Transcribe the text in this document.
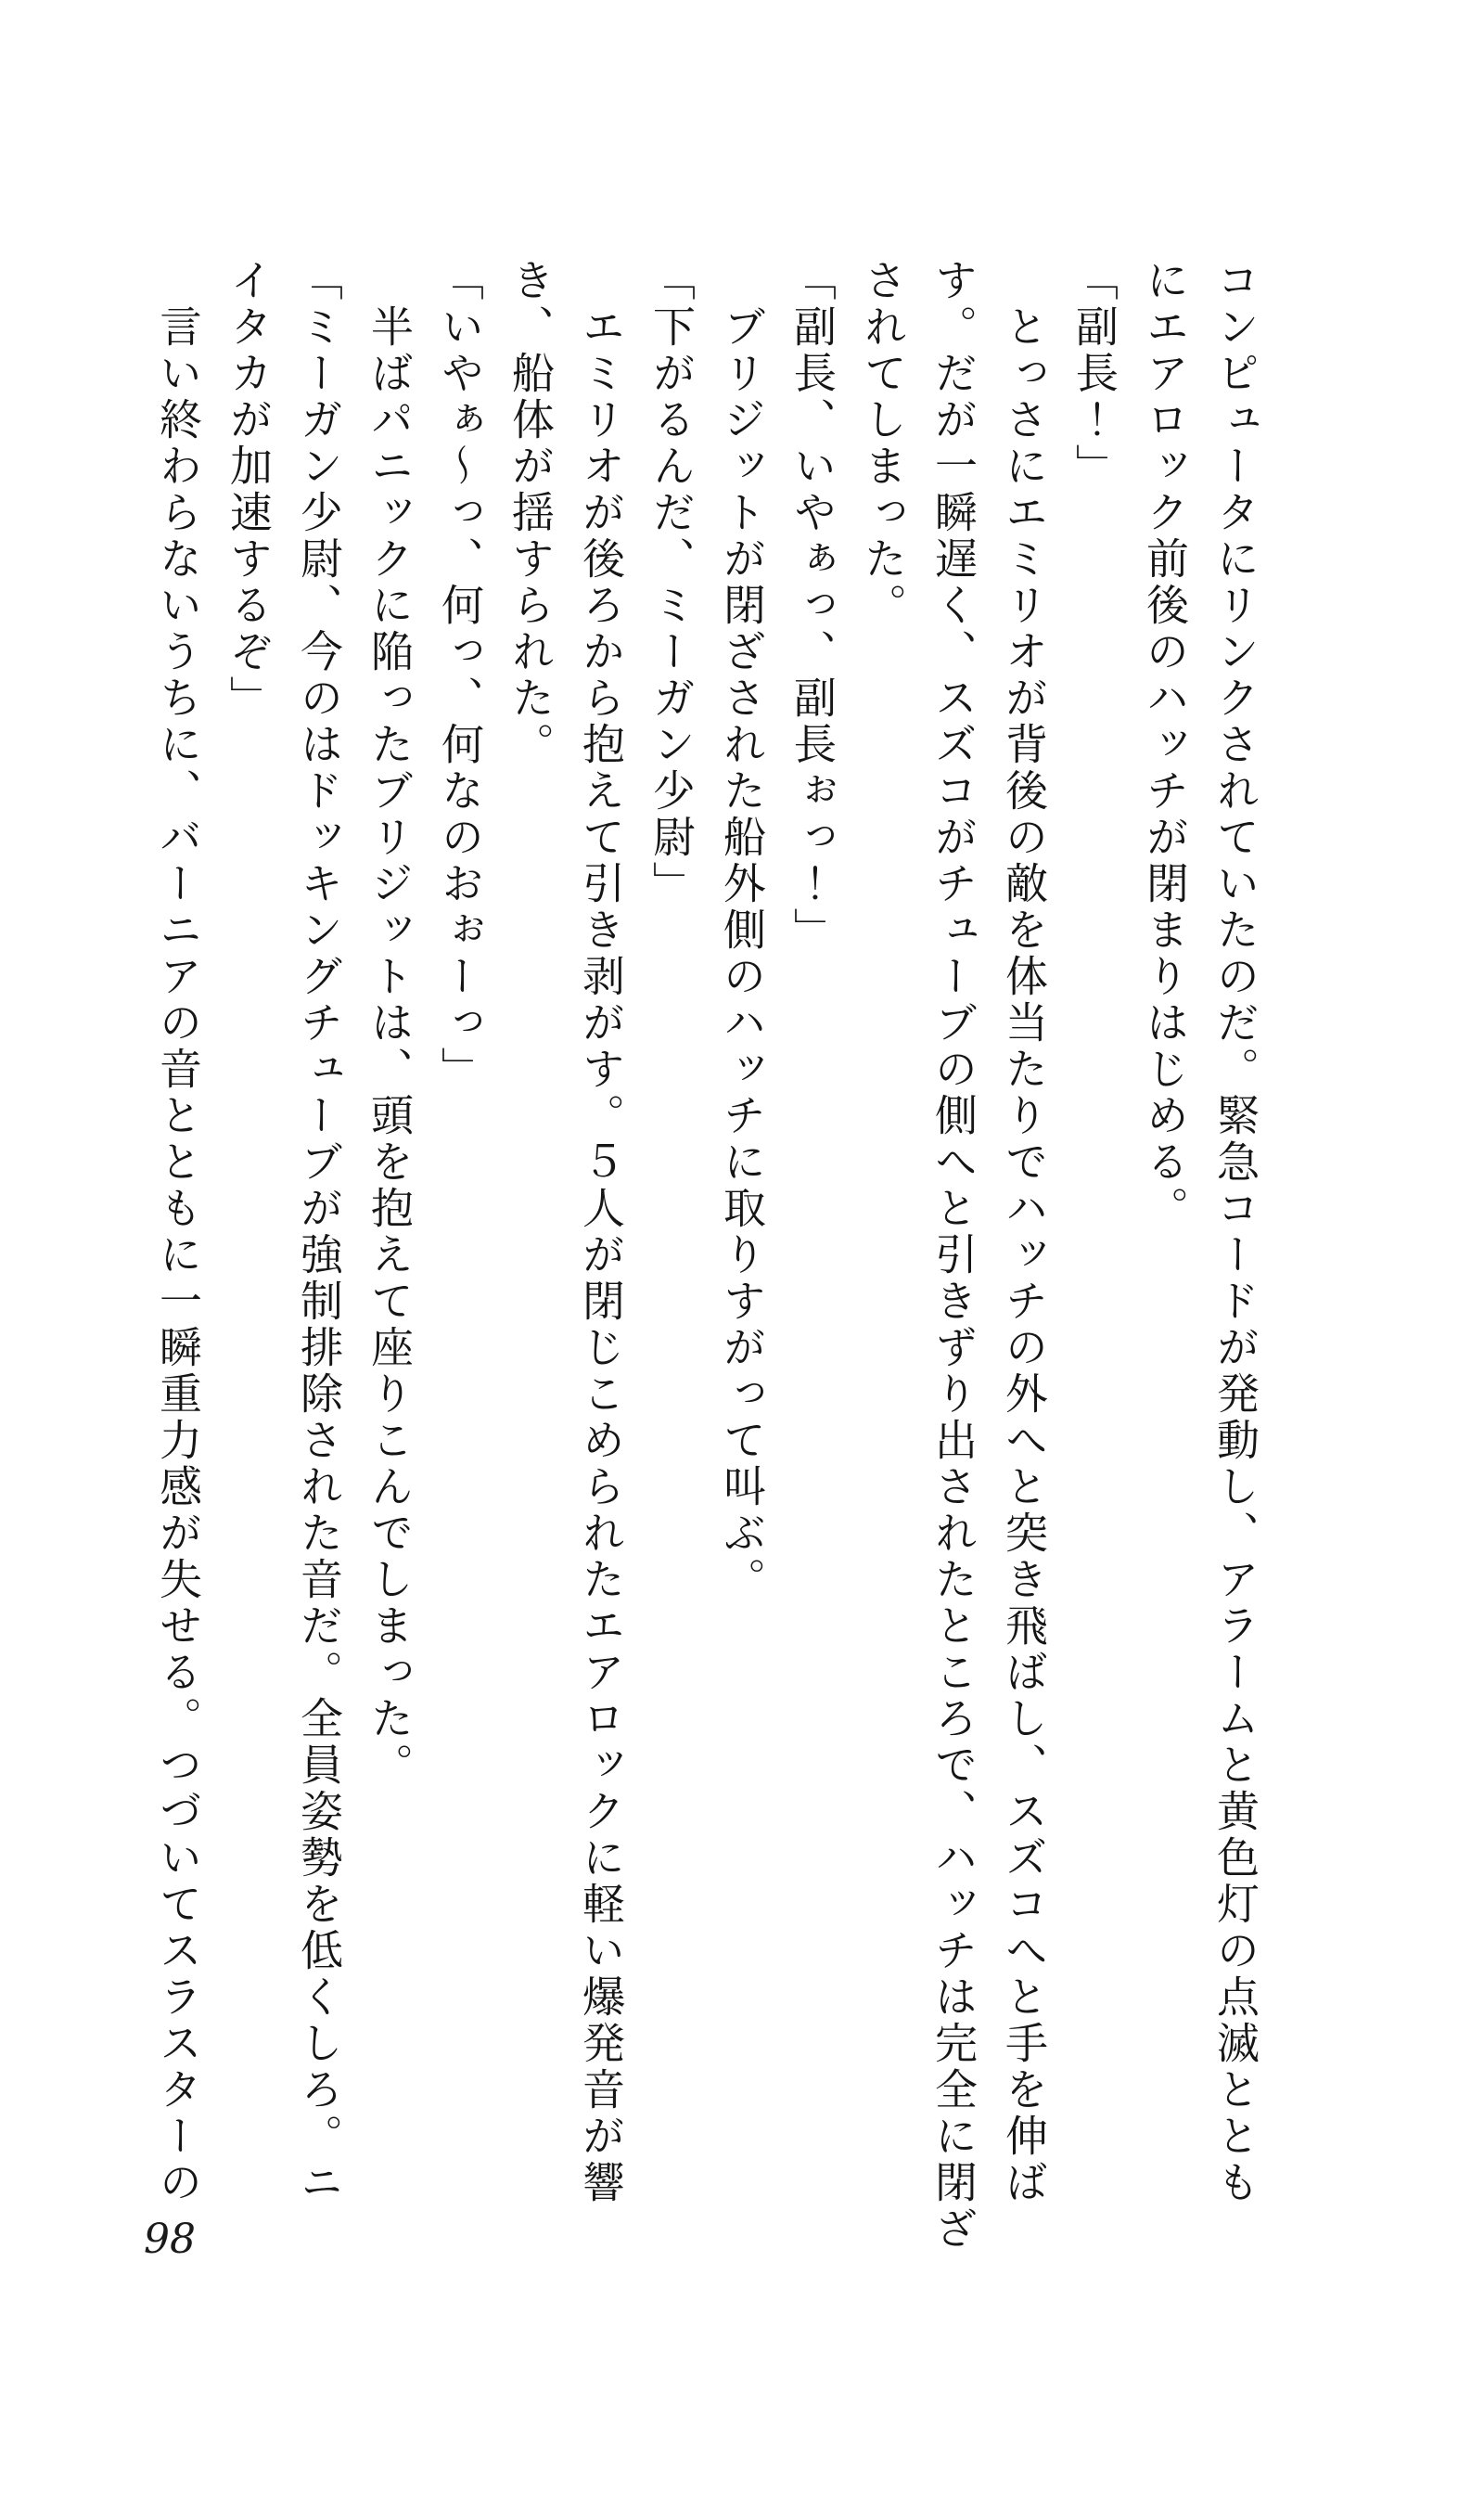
コンピュータにリンクされていたのだ。緊急コードが発動し、アラームと黄色灯の点滅ととも

にエアロック前後のハッチが閉まりはじめる。

「副長！」

　とっさにエミリオが背後の敵を体当たりでハッチの外へと突き飛ばし、スズコへと手を伸ば

す。だが一瞬遅く、スズコがチューブの側へと引きずり出されたところで、ハッチは完全に閉ざ

されてしまった。

「副長、いやぁっ、副長ぉっ！」

　ブリジットが閉ざされた船外側のハッチに取りすがって叫ぶ。

「下がるんだ、ミーガン少尉」

　エミリオが後ろから抱えて引き剥がす。５人が閉じこめられたエアロックに軽い爆発音が響

き、船体が揺すられた。

「いやぁ～っ、何っ、何なのおぉーっ」

　半ばパニックに陥ったブリジットは、頭を抱えて座りこんでしまった。

「ミーガン少尉、今のはドッキングチューブが強制排除された音だ。全員姿勢を低くしろ。ニ

イタカが加速するぞ」

　言い終わらないうちに、バーニアの音とともに一瞬重力感が失せる。つづいてスラスターの

98
